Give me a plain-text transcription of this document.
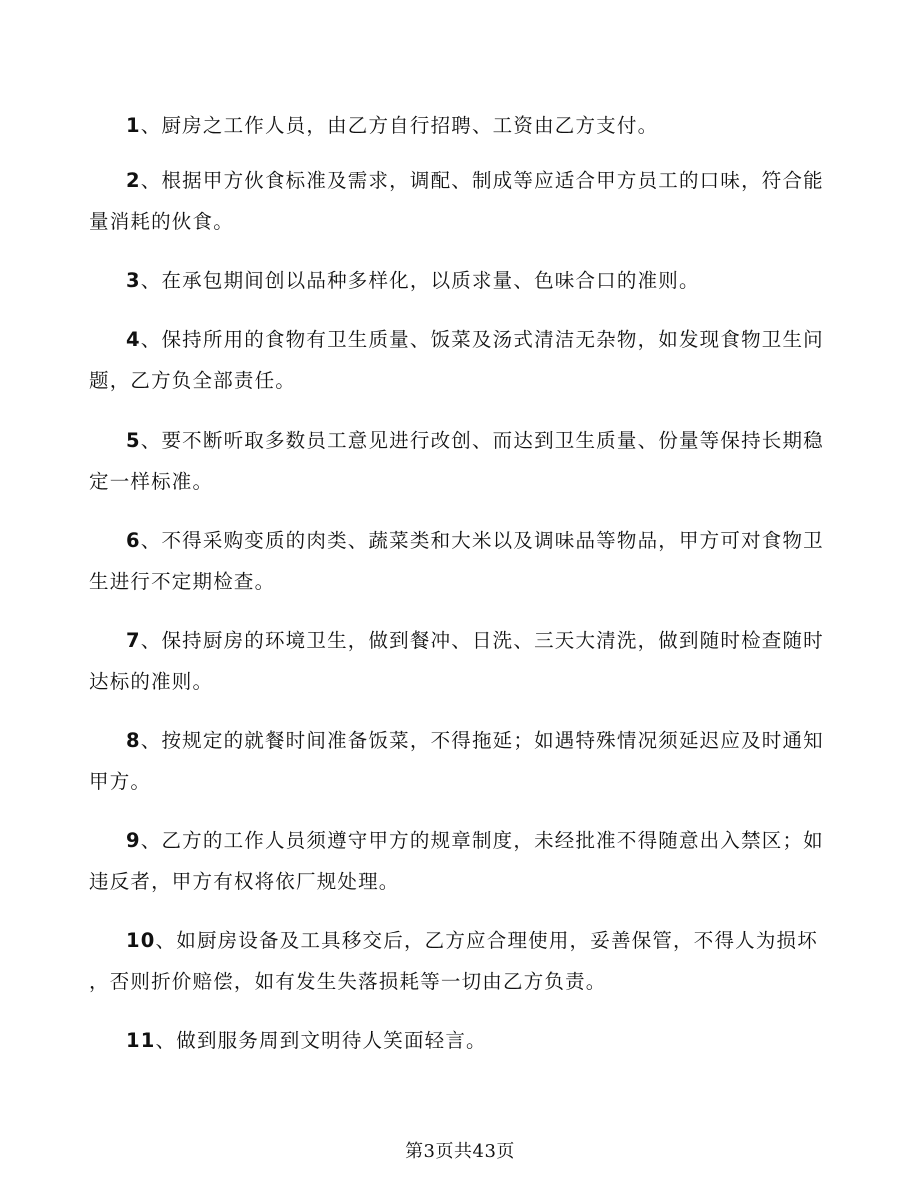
1、厨房之工作人员，由乙方自行招聘、工资由乙方支付。
2、根据甲方伙食标准及需求，调配、制成等应适合甲方员工的口味，符合能
量消耗的伙食。
3、在承包期间创以品种多样化，以质求量、色味合口的准则。
4、保持所用的食物有卫生质量、饭菜及汤式清洁无杂物，如发现食物卫生问
题，乙方负全部责任。
5、要不断听取多数员工意见进行改创、而达到卫生质量、份量等保持长期稳
定一样标准。
6、不得采购变质的肉类、蔬菜类和大米以及调味品等物品，甲方可对食物卫
生进行不定期检查。
7、保持厨房的环境卫生，做到餐冲、日洗、三天大清洗，做到随时检查随时
达标的准则。
8、按规定的就餐时间准备饭菜，不得拖延；如遇特殊情况须延迟应及时通知
甲方。
9、乙方的工作人员须遵守甲方的规章制度，未经批准不得随意出入禁区；如
违反者，甲方有权将依厂规处理。
10、如厨房设备及工具移交后，乙方应合理使用，妥善保管，不得人为损坏
，否则折价赔偿，如有发生失落损耗等一切由乙方负责。
11、做到服务周到文明待人笑面轻言。
第3页共43页
